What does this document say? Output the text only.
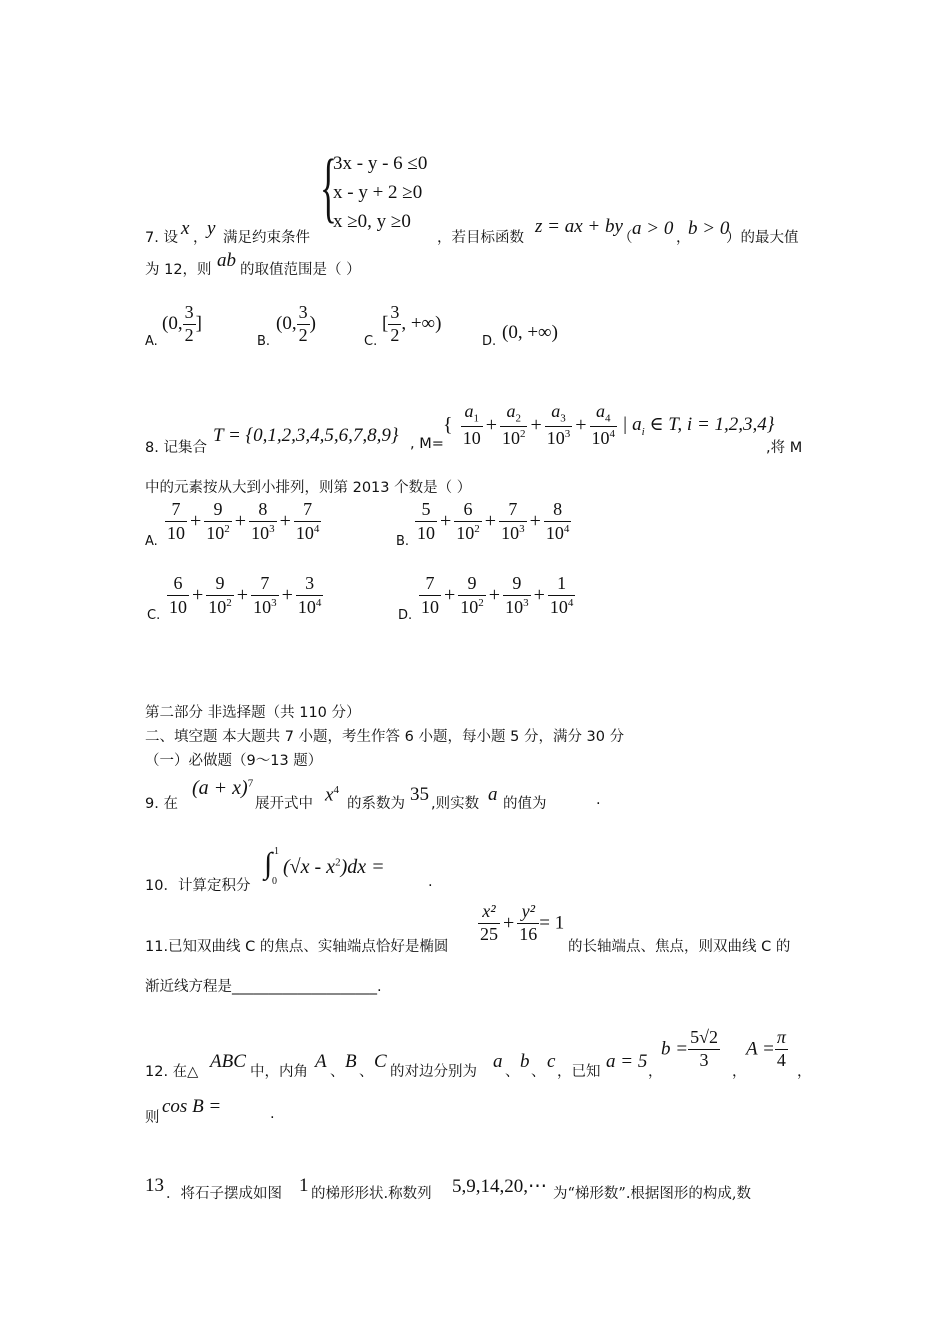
{
3x - y - 6 ≤0
x - y + 2 ≥0
x ≥0, y ≥0
7. 设 x ， y 满足约束条件	，若目标函数
z = ax + by
（ a > 0 ，
b > 0
）的最大值
为 12，则 ab 的取值范围是（ ）
A.
(0, $\frac{3}{2}$ ]
B.
(0, $\frac{3}{2}$ )
C.
[ $\frac{3}{2}$ , +∞)
D. (0, +∞)
8. 记集合
T = {0,1,2,3,4,5,6,7,8,9} , M=
{ $\frac{a_1}{10} + \frac{a_2}{10^2} + \frac{a_3}{10^3} + \frac{a_4}{10^4}$ | $a_i$ ∈ T, i = 1,2,3,4}
,将 M
中的元素按从大到小排列，则第 2013 个数是（ ）
A. $\frac{7}{10} + \frac{9}{10^2} + \frac{8}{10^3} + \frac{7}{10^4}$	B. $\frac{5}{10} + \frac{6}{10^2} + \frac{7}{10^3} + \frac{8}{10^4}$
C. $\frac{6}{10} + \frac{9}{10^2} + \frac{7}{10^3} + \frac{3}{10^4}$	D. $\frac{7}{10} + \frac{9}{10^2} + \frac{9}{10^3} + \frac{1}{10^4}$
第二部分 非选择题（共 110 分）
二、填空题 本大题共 7 小题，考生作答 6 小题，每小题 5 分，满分 30 分
（一）必做题（9～13 题）
9. 在
$(a + x)^7$
展开式中 $x^4$
的系数为 35 ,则实数 a 的值为	.
10．计算定积分
∫ 1
0
$(√x - x^2)dx$ =
.
11.已知双曲线 C 的焦点、实轴端点恰好是椭圆
$\frac{\text{x²}}{25} + \frac{\text{y²}}{16} = 1$
的长轴端点、焦点，则双曲线 C 的
渐近线方程是____________________.
12. 在△ ABC 中，内角 A 、 B 、 C 的对边分别为 a 、 b 、 c ，已知 a = 5 ，
$b = \frac{5√2}{3}$
，
$A = \frac{\pi}{4}$
，
则
cos B =	.
13 ．将石子摆成如图 1 的梯形形状.称数列 5,9,14,20,⋯ 为“梯形数”.根据图形的构成,数
